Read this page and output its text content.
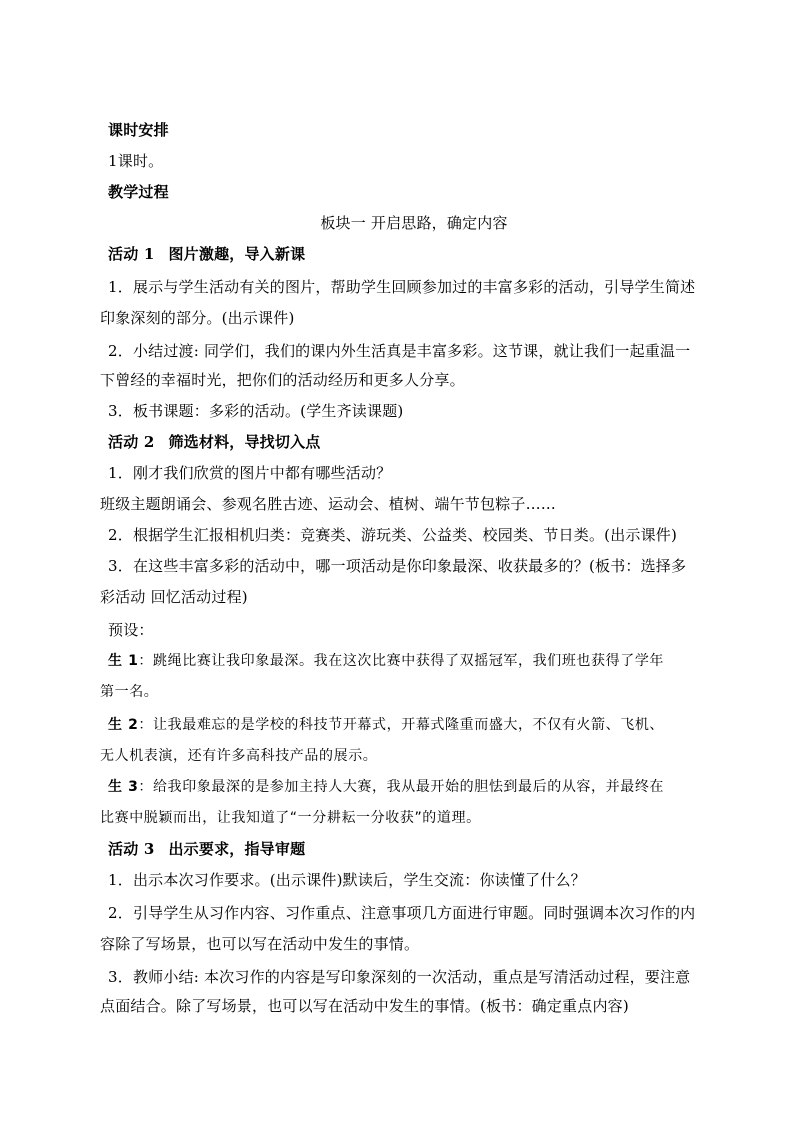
课时安排
1课时。
教学过程
板块一 开启思路，确定内容
活动 1 图片激趣，导入新课
1．展示与学生活动有关的图片，帮助学生回顾参加过的丰富多彩的活动，引导学生简述
印象深刻的部分。(出示课件)
2．小结过渡: 同学们，我们的课内外生活真是丰富多彩。这节课，就让我们一起重温一
下曾经的幸福时光，把你们的活动经历和更多人分享。
3．板书课题：多彩的活动。(学生齐读课题)
活动 2 筛选材料，导找切入点
1．刚才我们欣赏的图片中都有哪些活动？
班级主题朗诵会、参观名胜古迹、运动会、植树、端午节包粽子……
2．根据学生汇报相机归类：竞赛类、游玩类、公益类、校园类、节日类。(出示课件)
3．在这些丰富多彩的活动中，哪一项活动是你印象最深、收获最多的？(板书：选择多
彩活动 回忆活动过程)
预设：
生 1：跳绳比赛让我印象最深。我在这次比赛中获得了双摇冠军，我们班也获得了学年
第一名。
生 2：让我最难忘的是学校的科技节开幕式，开幕式隆重而盛大，不仅有火箭、飞机、
无人机表演，还有许多高科技产品的展示。
生 3：给我印象最深的是参加主持人大赛，我从最开始的胆怯到最后的从容，并最终在
比赛中脱颖而出，让我知道了“一分耕耘一分收获”的道理。
活动 3 出示要求，指导审题
1．出示本次习作要求。(出示课件)默读后，学生交流：你读懂了什么？
2．引导学生从习作内容、习作重点、注意事项几方面进行审题。同时强调本次习作的内
容除了写场景，也可以写在活动中发生的事情。
3．教师小结: 本次习作的内容是写印象深刻的一次活动，重点是写清活动过程，要注意
点面结合。除了写场景，也可以写在活动中发生的事情。(板书：确定重点内容)
